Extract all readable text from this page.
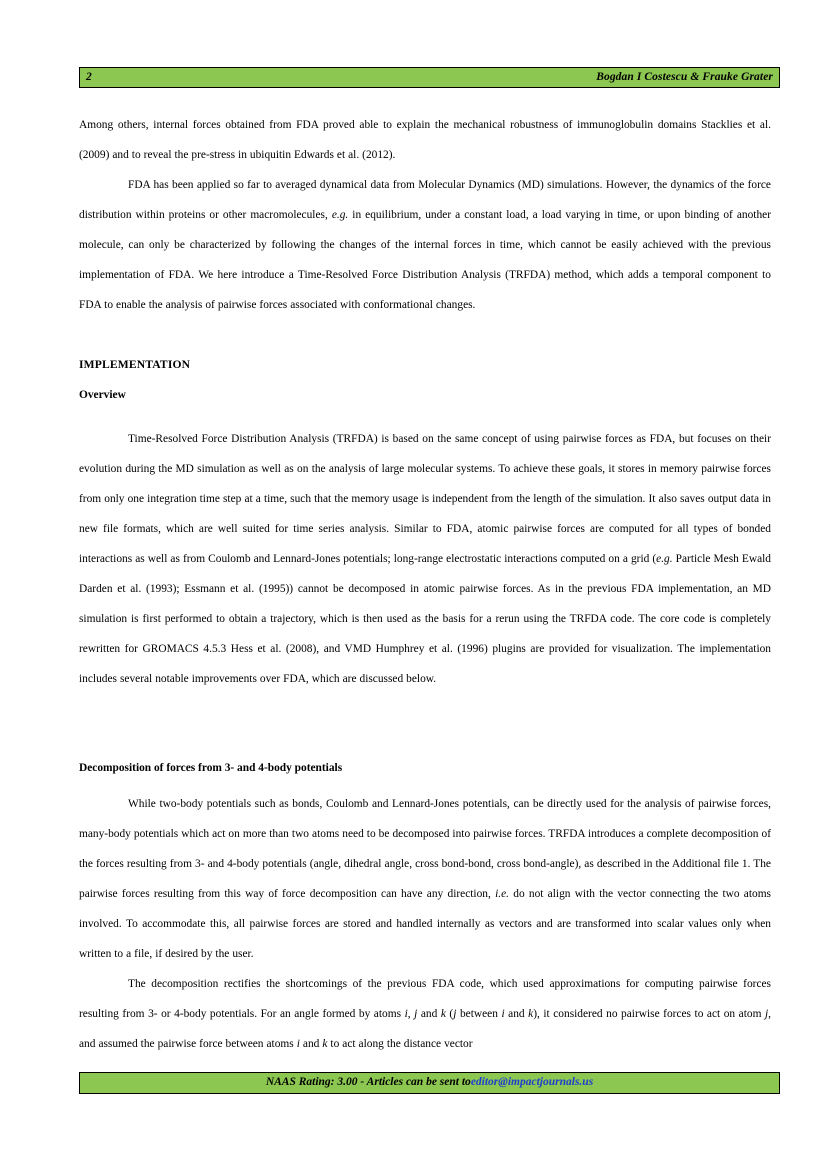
2	Bogdan I Costescu & Frauke Grater

Among others, internal forces obtained from FDA proved able to explain the mechanical robustness of immunoglobulin domains Stacklies et al. (2009) and to reveal the pre-stress in ubiquitin Edwards et al. (2012).

FDA has been applied so far to averaged dynamical data from Molecular Dynamics (MD) simulations. However, the dynamics of the force distribution within proteins or other macromolecules, e.g. in equilibrium, under a constant load, a load varying in time, or upon binding of another molecule, can only be characterized by following the changes of the internal forces in time, which cannot be easily achieved with the previous implementation of FDA. We here introduce a Time-Resolved Force Distribution Analysis (TRFDA) method, which adds a temporal component to FDA to enable the analysis of pairwise forces associated with conformational changes.

IMPLEMENTATION
Overview

Time-Resolved Force Distribution Analysis (TRFDA) is based on the same concept of using pairwise forces as FDA, but focuses on their evolution during the MD simulation as well as on the analysis of large molecular systems. To achieve these goals, it stores in memory pairwise forces from only one integration time step at a time, such that the memory usage is independent from the length of the simulation. It also saves output data in new file formats, which are well suited for time series analysis. Similar to FDA, atomic pairwise forces are computed for all types of bonded interactions as well as from Coulomb and Lennard-Jones potentials; long-range electrostatic interactions computed on a grid (e.g. Particle Mesh Ewald Darden et al. (1993); Essmann et al. (1995)) cannot be decomposed in atomic pairwise forces. As in the previous FDA implementation, an MD simulation is first performed to obtain a trajectory, which is then used as the basis for a rerun using the TRFDA code. The core code is completely rewritten for GROMACS 4.5.3 Hess et al. (2008), and VMD Humphrey et al. (1996) plugins are provided for visualization. The implementation includes several notable improvements over FDA, which are discussed below.

Decomposition of forces from 3- and 4-body potentials

While two-body potentials such as bonds, Coulomb and Lennard-Jones potentials, can be directly used for the analysis of pairwise forces, many-body potentials which act on more than two atoms need to be decomposed into pairwise forces. TRFDA introduces a complete decomposition of the forces resulting from 3- and 4-body potentials (angle, dihedral angle, cross bond-bond, cross bond-angle), as described in the Additional file 1. The pairwise forces resulting from this way of force decomposition can have any direction, i.e. do not align with the vector connecting the two atoms involved. To accommodate this, all pairwise forces are stored and handled internally as vectors and are transformed into scalar values only when written to a file, if desired by the user.

The decomposition rectifies the shortcomings of the previous FDA code, which used approximations for computing pairwise forces resulting from 3- or 4-body potentials. For an angle formed by atoms i, j and k (j between i and k), it considered no pairwise forces to act on atom j, and assumed the pairwise force between atoms i and k to act along the distance vector

NAAS Rating: 3.00 - Articles can be sent to editor@impactjournals.us
